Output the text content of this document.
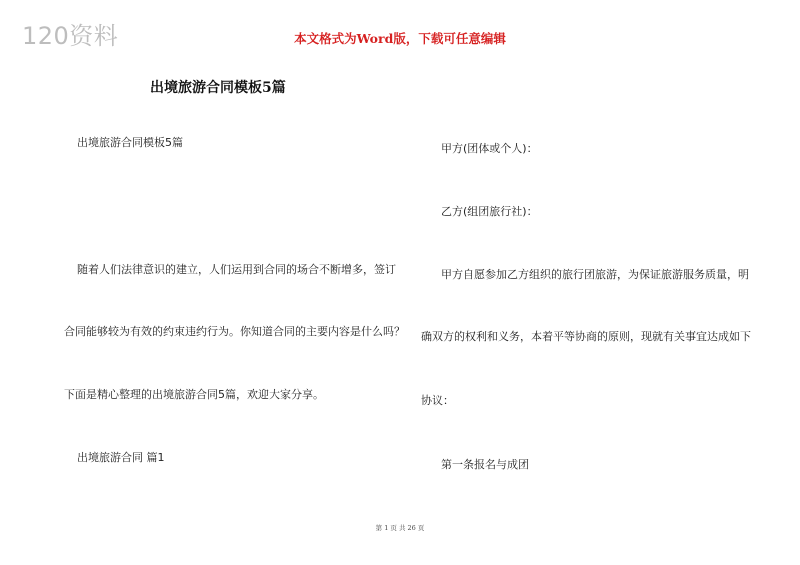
120资料	本文格式为Word版，下载可任意编辑
出境旅游合同模板5篇
出境旅游合同模板5篇
随着人们法律意识的建立，人们运用到合同的场合不断增多，签订
合同能够较为有效的约束违约行为。你知道合同的主要内容是什么吗？
下面是精心整理的出境旅游合同5篇，欢迎大家分享。
出境旅游合同 篇1
甲方(团体或个人)：
乙方(组团旅行社)：
甲方自愿参加乙方组织的旅行团旅游，为保证旅游服务质量，明
确双方的权利和义务，本着平等协商的原则，现就有关事宜达成如下
协议：
第一条报名与成团
第 1 页 共 26 页
